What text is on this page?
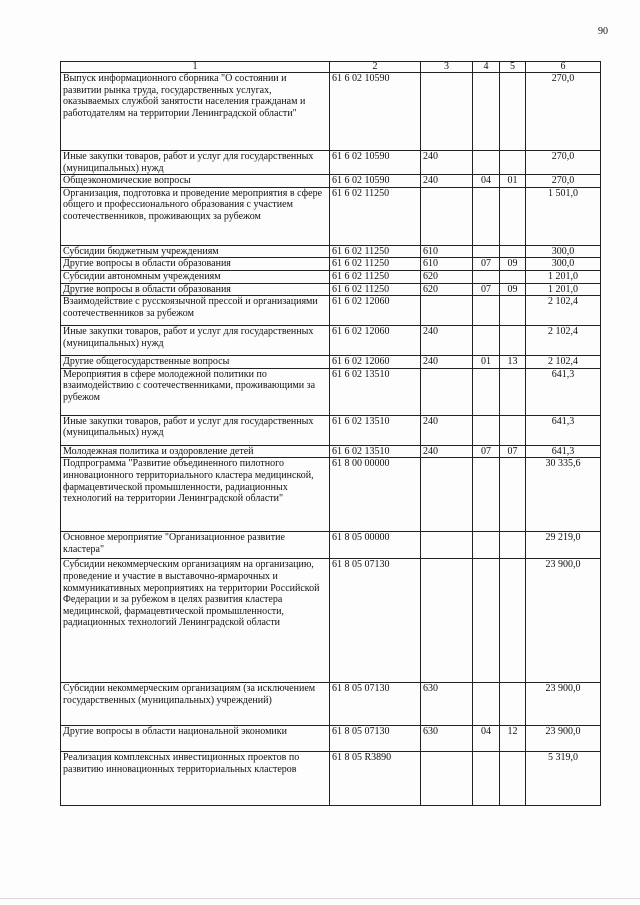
90
1	2	3	4	5	6
Выпуск информационного сборника "О состоянии и развитии рынка труда, государственных услугах, оказываемых службой занятости населения гражданам и работодателям на территории Ленинградской области"	61 6 02 10590				270,0
Иные закупки товаров, работ и услуг для государственных (муниципальных) нужд	61 6 02 10590	240			270,0
Общеэкономические вопросы	61 6 02 10590	240	04	01	270,0
Организация, подготовка и проведение мероприятия в сфере общего и профессионального образования с участием соотечественников, проживающих за рубежом	61 6 02 11250				1 501,0
Субсидии бюджетным учреждениям	61 6 02 11250	610			300,0
Другие вопросы в области образования	61 6 02 11250	610	07	09	300,0
Субсидии автономным учреждениям	61 6 02 11250	620			1 201,0
Другие вопросы в области образования	61 6 02 11250	620	07	09	1 201,0
Взаимодействие с русскоязычной прессой и организациями соотечественников за рубежом	61 6 02 12060				2 102,4
Иные закупки товаров, работ и услуг для государственных (муниципальных) нужд	61 6 02 12060	240			2 102,4
Другие общегосударственные вопросы	61 6 02 12060	240	01	13	2 102,4
Мероприятия в сфере молодежной политики по взаимодействию с соотечественниками, проживающими за рубежом	61 6 02 13510				641,3
Иные закупки товаров, работ и услуг для государственных (муниципальных) нужд	61 6 02 13510	240			641,3
Молодежная политика и оздоровление детей	61 6 02 13510	240	07	07	641,3
Подпрограмма "Развитие объединенного пилотного инновационного территориального кластера медицинской, фармацевтической промышленности, радиационных технологий на территории Ленинградской области"	61 8 00 00000				30 335,6
Основное мероприятие "Организационное развитие кластера"	61 8 05 00000				29 219,0
Субсидии некоммерческим организациям на организацию, проведение и участие в выставочно-ярмарочных и коммуникативных мероприятиях на территории Российской Федерации и за рубежом в целях развития кластера медицинской, фармацевтической промышленности, радиационных технологий Ленинградской области	61 8 05 07130				23 900,0
Субсидии некоммерческим организациям (за исключением государственных (муниципальных) учреждений)	61 8 05 07130	630			23 900,0
Другие вопросы в области национальной экономики	61 8 05 07130	630	04	12	23 900,0
Реализация комплексных инвестиционных проектов по развитию инновационных территориальных кластеров	61 8 05 R3890				5 319,0
